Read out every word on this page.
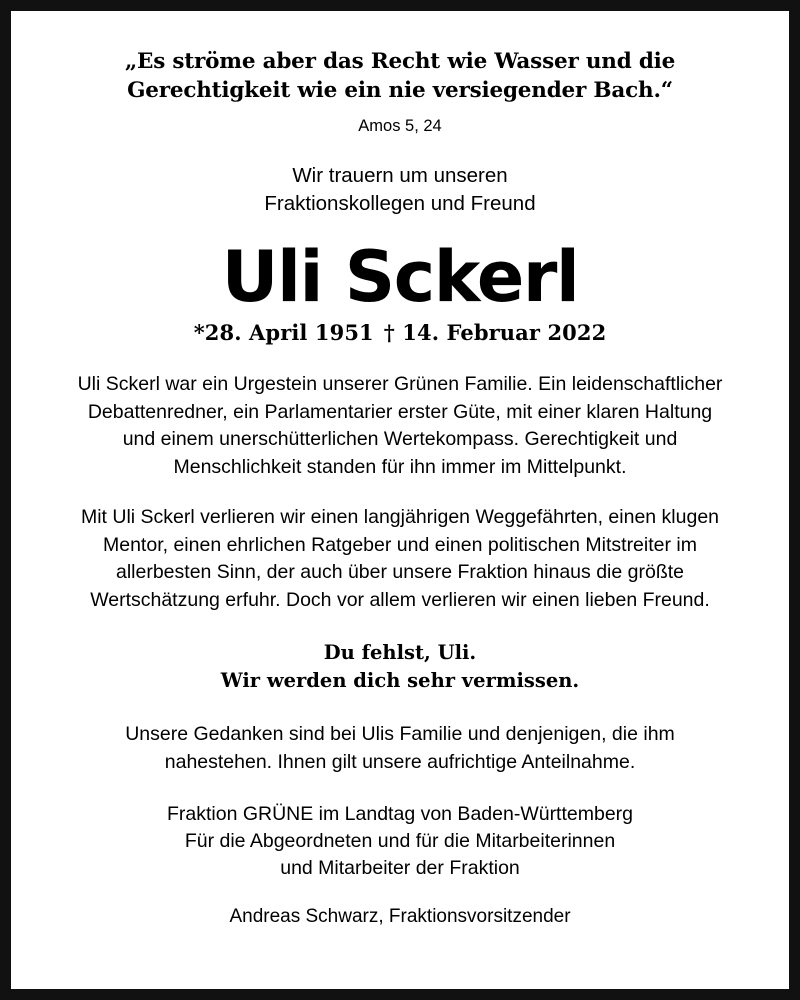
„Es ströme aber das Recht wie Wasser und die Gerechtigkeit wie ein nie versiegender Bach.“

Amos 5, 24

Wir trauern um unseren
Fraktionskollegen und Freund

Uli Sckerl

*28. April 1951 † 14. Februar 2022

Uli Sckerl war ein Urgestein unserer Grünen Familie. Ein leidenschaftlicher Debattenredner, ein Parlamentarier erster Güte, mit einer klaren Haltung und einem unerschütterlichen Wertekompass. Gerechtigkeit und Menschlichkeit standen für ihn immer im Mittelpunkt.

Mit Uli Sckerl verlieren wir einen langjährigen Weggefährten, einen klugen Mentor, einen ehrlichen Ratgeber und einen politischen Mitstreiter im allerbesten Sinn, der auch über unsere Fraktion hinaus die größte Wertschätzung erfuhr. Doch vor allem verlieren wir einen lieben Freund.

Du fehlst, Uli.
Wir werden dich sehr vermissen.

Unsere Gedanken sind bei Ulis Familie und denjenigen, die ihm nahestehen. Ihnen gilt unsere aufrichtige Anteilnahme.

Fraktion GRÜNE im Landtag von Baden-Württemberg
Für die Abgeordneten und für die Mitarbeiterinnen
und Mitarbeiter der Fraktion

Andreas Schwarz, Fraktionsvorsitzender
